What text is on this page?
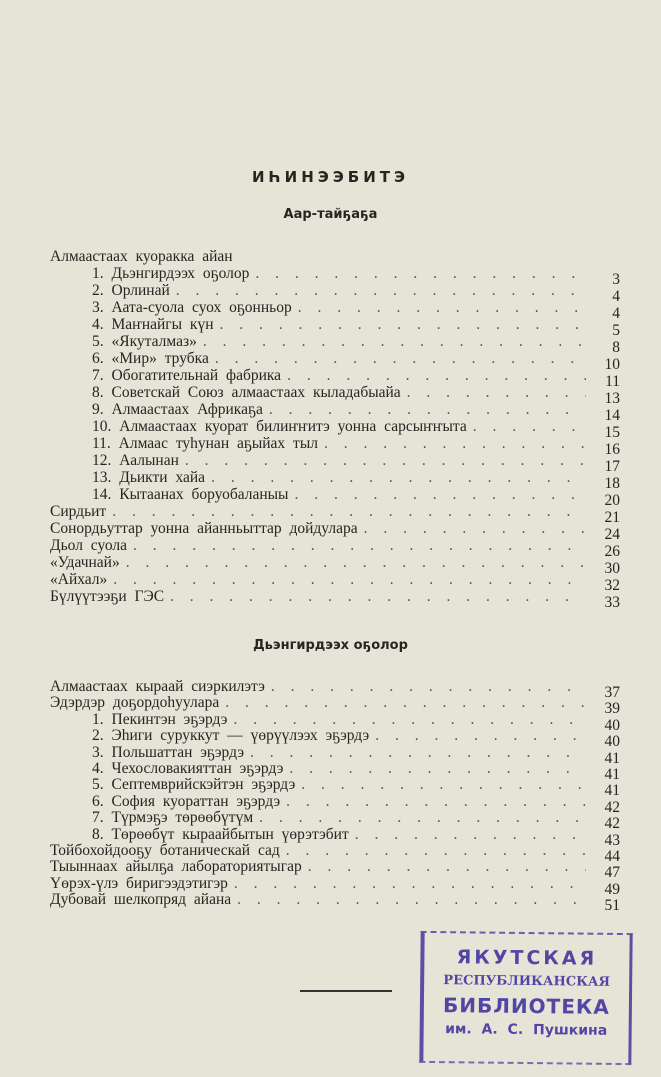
ИҺИНЭЭБИТЭ
Аар-тайҕаҕа
Алмаастаах куоракка айан
1. Дьэнгирдээх оҕолор . . .	3
2. Орлинай . . .	4
3. Аата-суола суох оҕонньор . . .	4
4. Маҥнайгы күн . . .	5
5. «Якуталмаз» . . .	8
6. «Мир» трубка . . .	10
7. Обогатительнай фабрика . . .	11
8. Советскай Союз алмаастаах кыладабыайа . . .	13
9. Алмаастаах Африкаҕа . . .	14
10. Алмаастаах куорат билиҥҥитэ уонна сарсыҥҥыта . . .	15
11. Алмаас туһунан аҕыйах тыл . . .	16
12. Аалынан . . .	17
13. Дьикти хайа . . .	18
14. Кытаанах боруобаланыы . . .	20
Сирдьит . . .	21
Сонордьуттар уонна айанньыттар дойдулара . . .	24
Дьол суола . . .	26
«Удачнай» . . .	30
«Айхал» . . .	32
Бүлүүтээҕи ГЭС . . .	33
Дьэнгирдээх оҕолор
Алмаастаах кыраай сиэркилэтэ . . .	37
Эдэрдэр доҕордоһуулара . . .	39
1. Пекинтэн эҕэрдэ . . .	40
2. Эһиги суруккут — үөрүүлээх эҕэрдэ . . .	40
3. Польшаттан эҕэрдэ . . .	41
4. Чехословакияттан эҕэрдэ . . .	41
5. Септемврийскэйтэн эҕэрдэ . . .	41
6. София куораттан эҕэрдэ . . .	42
7. Түрмэҕэ төрөөбүтүм . . .	42
8. Төрөөбүт кыраайбытын үөрэтэбит . . .	43
Тойбохойдооҕу ботаническай сад . . .	44
Тыыннаах айылҕа лабораториятыгар . . .	47
Үөрэх-үлэ биригээдэтигэр . . .	49
Дубовай шелкопряд айана . . .	51
ЯКУТСКАЯ
РЕСПУБЛИКАНСКАЯ
БИБЛИОТЕКА
им. А. С. Пушкина
